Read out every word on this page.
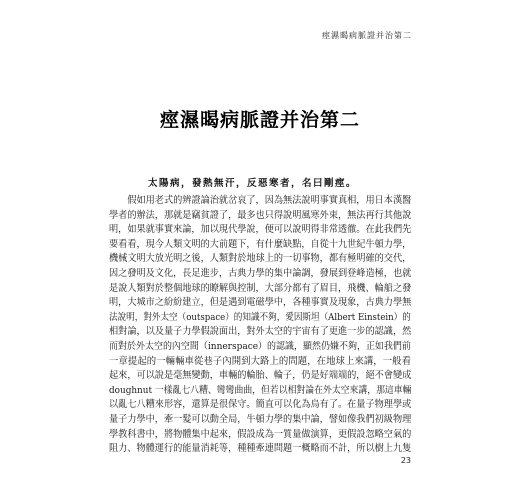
痙濕暍病脈證并治第二
痙濕暍病脈證并治第二
太陽病，發熱無汗，反惡寒者，名曰剛痙。

　　假如用老式的辨證論治就岔哀了，因為無法說明事實真相，用日本漢醫
學者的辦法，那就是竊貧證了，最多也只得說明風寒外束，無法再行其他說
明，如果就事實來論，加以現代學說，便可以說明得非常透徹。在此我們先
要看看，現今人類文明的大前題下，有什麼缺點，自從十九世紀牛頓力學，
機械文明大放光明之後，人類對於地球上的一切事物，都有極明確的交代，
因之發明及文化，長足進步，古典力學的集中論調，發展到登峰造極，也就
是說人類對於整個地球的瞭解與控制，大部分都有了眉目，飛機、輪船之發
明，大城市之紛紛建立，但是遇到電磁學中，各種事實及現象，古典力學無
法說明，對外太空（outspace）的知識不夠，愛因斯坦（Albert Einstein）的
相對論，以及量子力學假說面出，對外太空的宇宙有了更進一步的認識，然
而對於外太空的內空間（innerspace）的認識，顯然仍嫌不夠，正如我們前
一章提起的一輛輛車從巷子內開到大路上的問題，在地球上來講，一般看
起來，可以說是毫無變動，車輛的輪胎、輪子，仍是好端端的，絕不會變成
doughnut 一樣亂七八糟、彎彎曲曲，但若以相對論在外太空來講，那這車輛
以亂七八糟來形容，還算是很保守。簡直可以化為烏有了。在量子物理學或
量子力學中，牽一髮可以動全局，牛頓力學的集中論，譬如像我們初級物理
學教科書中，將物體集中起來，假設成為一質量做演算，更假設忽略空氣的
阻力、物體運行的能量消耗等，種種牽連問題一概略而不計，所以樹上九隻

23
